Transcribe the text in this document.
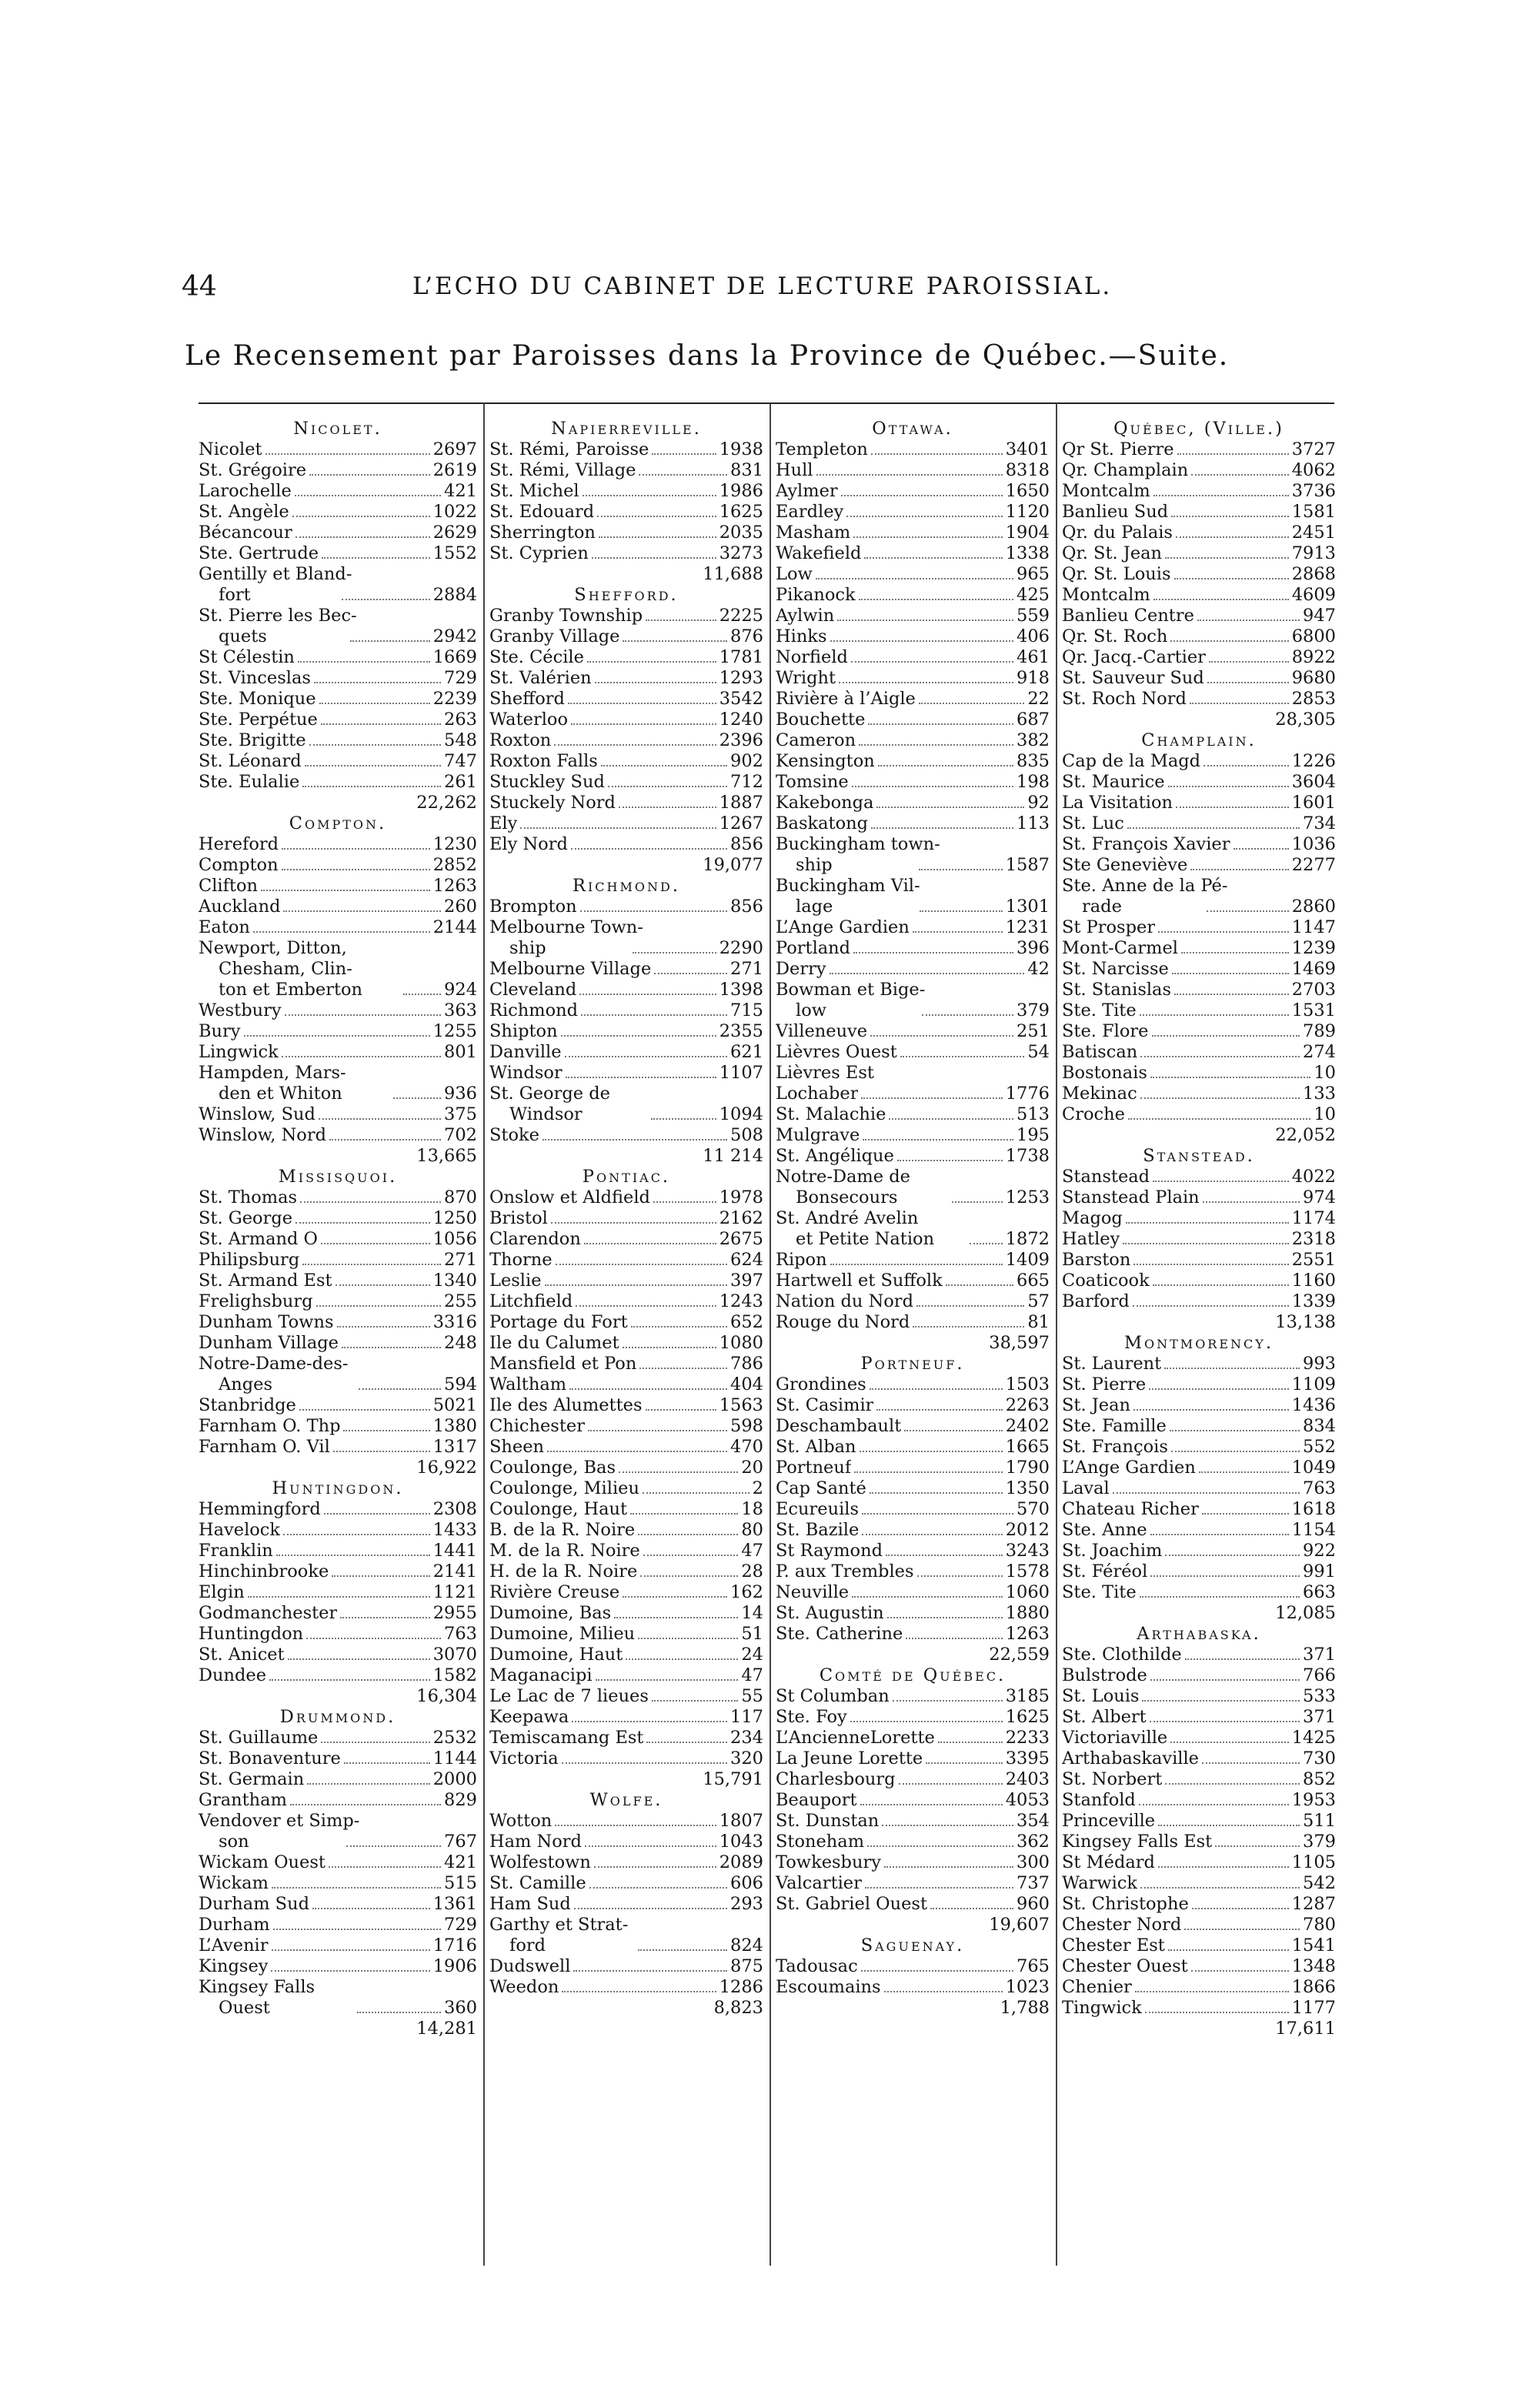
44	L’ECHO DU CABINET DE LECTURE PAROISSIAL.
Le Recensement par Paroisses dans la Province de Québec.—Suite.
Nicolet.
Nicolet	2697
St. Grégoire	2619
Larochelle	421
St. Angèle	1022
Bécancour	2629
Ste. Gertrude	1552
Gentilly et Bland-
fort	2884
St. Pierre les Bec-
quets	2942
St Célestin	1669
St. Vinceslas	729
Ste. Monique	2239
Ste. Perpétue	263
Ste. Brigitte	548
St. Léonard	747
Ste. Eulalie	261
22,262
Compton.
Hereford	1230
Compton	2852
Clifton	1263
Auckland	260
Eaton	2144
Newport, Ditton,
Chesham, Clin-
ton et Emberton	924
Westbury	363
Bury	1255
Lingwick	801
Hampden, Mars-
den et Whiton	936
Winslow, Sud	375
Winslow, Nord	702
13,665
Missisquoi.
St. Thomas	870
St. George	1250
St. Armand O	1056
Philipsburg	271
St. Armand Est	1340
Frelighsburg	255
Dunham Towns	3316
Dunham Village	248
Notre-Dame-des-
Anges	594
Stanbridge	5021
Farnham O. Thp	1380
Farnham O. Vil	1317
16,922
Huntingdon.
Hemmingford	2308
Havelock	1433
Franklin	1441
Hinchinbrooke	2141
Elgin	1121
Godmanchester	2955
Huntingdon	763
St. Anicet	3070
Dundee	1582
16,304
Drummond.
St. Guillaume	2532
St. Bonaventure	1144
St. Germain	2000
Grantham	829
Vendover et Simp-
son	767
Wickam Ouest	421
Wickam	515
Durham Sud	1361
Durham	729
L’Avenir	1716
Kingsey	1906
Kingsey Falls
Ouest	360
14,281
Napierreville.
St. Rémi, Paroisse	1938
St. Rémi, Village	831
St. Michel	1986
St. Edouard	1625
Sherrington	2035
St. Cyprien	3273
11,688
Shefford.
Granby Township	2225
Granby Village	876
Ste. Cécile	1781
St. Valérien	1293
Shefford	3542
Waterloo	1240
Roxton	2396
Roxton Falls	902
Stuckley Sud	712
Stuckely Nord	1887
Ely	1267
Ely Nord	856
19,077
Richmond.
Brompton	856
Melbourne Town-
ship	2290
Melbourne Village	271
Cleveland	1398
Richmond	715
Shipton	2355
Danville	621
Windsor	1107
St. George de
Windsor	1094
Stoke	508
11 214
Pontiac.
Onslow et Aldfield	1978
Bristol	2162
Clarendon	2675
Thorne	624
Leslie	397
Litchfield	1243
Portage du Fort	652
Ile du Calumet	1080
Mansfield et Pon	786
Waltham	404
Ile des Alumettes	1563
Chichester	598
Sheen	470
Coulonge, Bas	20
Coulonge, Milieu	2
Coulonge, Haut	18
B. de la R. Noire	80
M. de la R. Noire	47
H. de la R. Noire	28
Rivière Creuse	162
Dumoine, Bas	14
Dumoine, Milieu	51
Dumoine, Haut	24
Maganacipi	47
Le Lac de 7 lieues	55
Keepawa	117
Temiscamang Est	234
Victoria	320
15,791
Wolfe.
Wotton	1807
Ham Nord	1043
Wolfestown	2089
St. Camille	606
Ham Sud	293
Garthy et Strat-
ford	824
Dudswell	875
Weedon	1286
8,823
Ottawa.
Templeton	3401
Hull	8318
Aylmer	1650
Eardley	1120
Masham	1904
Wakefield	1338
Low	965
Pikanock	425
Aylwin	559
Hinks	406
Norfield	461
Wright	918
Rivière à l’Aigle	22
Bouchette	687
Cameron	382
Kensington	835
Tomsine	198
Kakebonga	92
Baskatong	113
Buckingham town-
ship	1587
Buckingham Vil-
lage	1301
L’Ange Gardien	1231
Portland	396
Derry	42
Bowman et Bige-
low	379
Villeneuve	251
Lièvres Ouest	54
Lièvres Est
Lochaber	1776
St. Malachie	513
Mulgrave	195
St. Angélique	1738
Notre-Dame de
Bonsecours	1253
St. André Avelin
et Petite Nation	1872
Ripon	1409
Hartwell et Suffolk	665
Nation du Nord	57
Rouge du Nord	81
38,597
Portneuf.
Grondines	1503
St. Casimir	2263
Deschambault	2402
St. Alban	1665
Portneuf	1790
Cap Santé	1350
Ecureuils	570
St. Bazile	2012
St Raymond	3243
P. aux Trembles	1578
Neuville	1060
St. Augustin	1880
Ste. Catherine	1263
22,559
Comté de Québec.
St Columban	3185
Ste. Foy	1625
L’AncienneLorette	2233
La Jeune Lorette	3395
Charlesbourg	2403
Beauport	4053
St. Dunstan	354
Stoneham	362
Towkesbury	300
Valcartier	737
St. Gabriel Ouest	960
19,607
Saguenay.
Tadousac	765
Escoumains	1023
1,788
Québec, (Ville.)
Qr St. Pierre	3727
Qr. Champlain	4062
Montcalm	3736
Banlieu Sud	1581
Qr. du Palais	2451
Qr. St. Jean	7913
Qr. St. Louis	2868
Montcalm	4609
Banlieu Centre	947
Qr. St. Roch	6800
Qr. Jacq.-Cartier	8922
St. Sauveur Sud	9680
St. Roch Nord	2853
28,305
Champlain.
Cap de la Magd	1226
St. Maurice	3604
La Visitation	1601
St. Luc	734
St. François Xavier	1036
Ste Geneviève	2277
Ste. Anne de la Pé-
rade	2860
St Prosper	1147
Mont-Carmel	1239
St. Narcisse	1469
St. Stanislas	2703
Ste. Tite	1531
Ste. Flore	789
Batiscan	274
Bostonais	10
Mekinac	133
Croche	10
22,052
Stanstead.
Stanstead	4022
Stanstead Plain	974
Magog	1174
Hatley	2318
Barston	2551
Coaticook	1160
Barford	1339
13,138
Montmorency.
St. Laurent	993
St. Pierre	1109
St. Jean	1436
Ste. Famille	834
St. François	552
L’Ange Gardien	1049
Laval	763
Chateau Richer	1618
Ste. Anne	1154
St. Joachim	922
St. Féréol	991
Ste. Tite	663
12,085
Arthabaska.
Ste. Clothilde	371
Bulstrode	766
St. Louis	533
St. Albert	371
Victoriaville	1425
Arthabaskaville	730
St. Norbert	852
Stanfold	1953
Princeville	511
Kingsey Falls Est	379
St Médard	1105
Warwick	542
St. Christophe	1287
Chester Nord	780
Chester Est	1541
Chester Ouest	1348
Chenier	1866
Tingwick	1177
17,611
